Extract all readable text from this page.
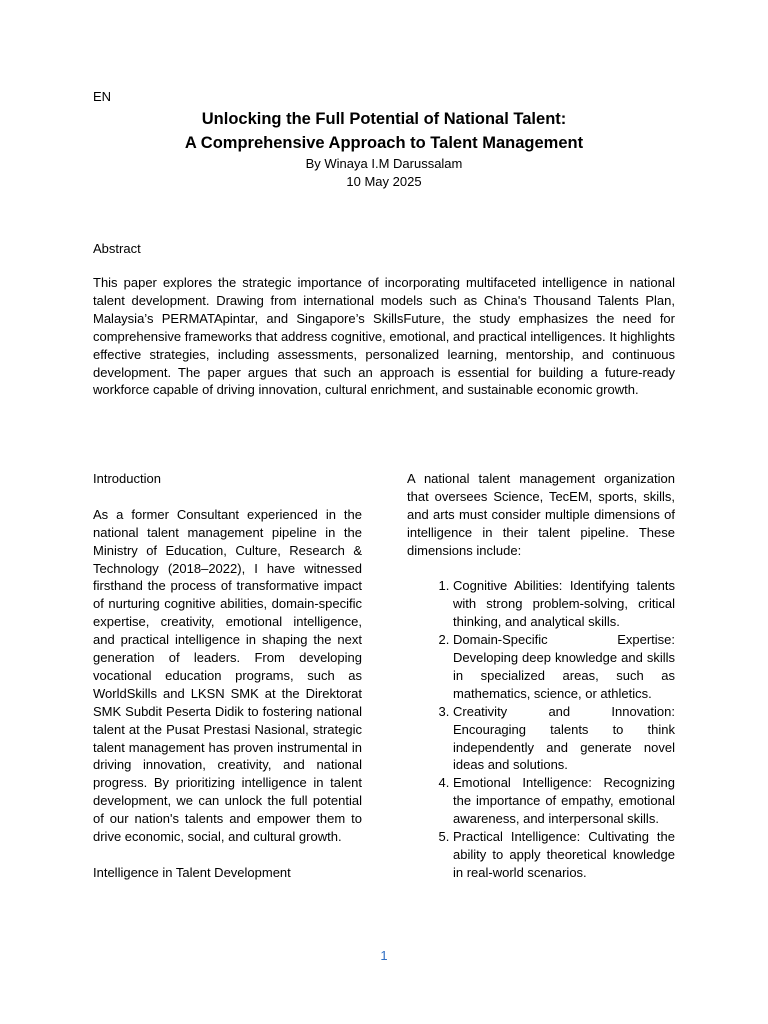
EN
Unlocking the Full Potential of National Talent:
A Comprehensive Approach to Talent Management
By Winaya I.M Darussalam
10 May 2025
Abstract

This paper explores the strategic importance of incorporating multifaceted intelligence in national talent development. Drawing from international models such as China's Thousand Talents Plan, Malaysia’s PERMATApintar, and Singapore’s SkillsFuture, the study emphasizes the need for comprehensive frameworks that address cognitive, emotional, and practical intelligences. It highlights effective strategies, including assessments, personalized learning, mentorship, and continuous development. The paper argues that such an approach is essential for building a future-ready workforce capable of driving innovation, cultural enrichment, and sustainable economic growth.

Introduction

As a former Consultant experienced in the national talent management pipeline in the Ministry of Education, Culture, Research & Technology (2018–2022), I have witnessed firsthand the process of transformative impact of nurturing cognitive abilities, domain-specific expertise, creativity, emotional intelligence, and practical intelligence in shaping the next generation of leaders. From developing vocational education programs, such as WorldSkills and LKSN SMK at the Direktorat SMK Subdit Peserta Didik to fostering national talent at the Pusat Prestasi Nasional, strategic talent management has proven instrumental in driving innovation, creativity, and national progress. By prioritizing intelligence in talent development, we can unlock the full potential of our nation's talents and empower them to drive economic, social, and cultural growth.

Intelligence in Talent Development

A national talent management organization that oversees Science, TecEM, sports, skills, and arts must consider multiple dimensions of intelligence in their talent pipeline. These dimensions include:

1. Cognitive Abilities: Identifying talents with strong problem-solving, critical thinking, and analytical skills.
2. Domain-Specific Expertise: Developing deep knowledge and skills in specialized areas, such as mathematics, science, or athletics.
3. Creativity and Innovation: Encouraging talents to think independently and generate novel ideas and solutions.
4. Emotional Intelligence: Recognizing the importance of empathy, emotional awareness, and interpersonal skills.
5. Practical Intelligence: Cultivating the ability to apply theoretical knowledge in real-world scenarios.
1
